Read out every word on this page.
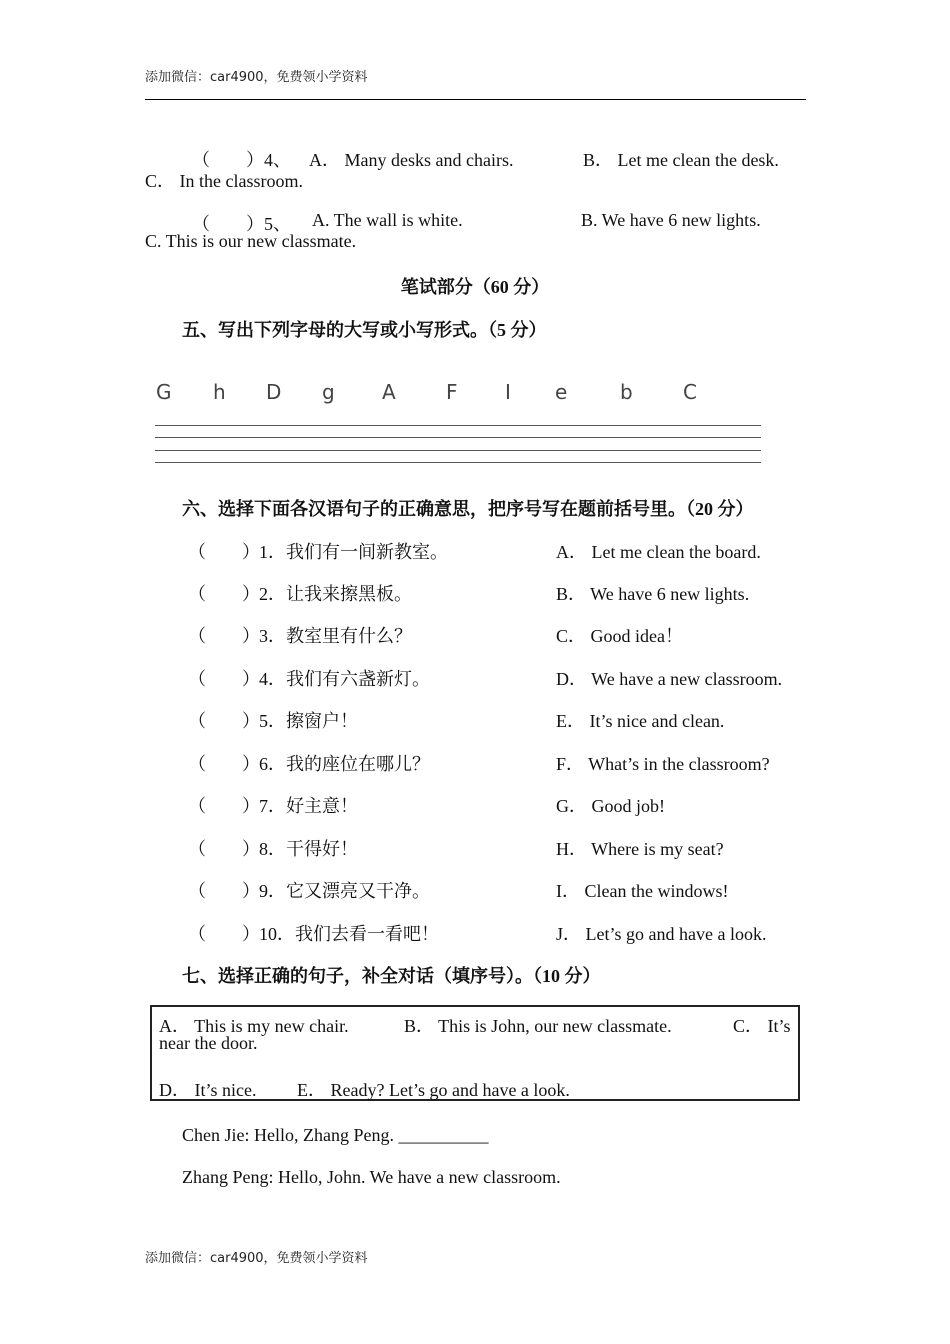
添加微信：car4900，免费领小学资料
（　　）4、 A． Many desks and chairs.	B． Let me clean the desk.
C． In the classroom.
（　　）5、 A. The wall is white.	B. We have 6 new lights.
C. This is our new classmate.
笔试部分（60 分）
五、写出下列字母的大写或小写形式。（5 分）
G h D g A	F I e	b	C
六、选择下面各汉语句子的正确意思，把序号写在题前括号里。（20 分）
（　　） 1．我们有一间新教室。	A． Let me clean the board.
（　　） 2．让我来擦黑板。	B． We have 6 new lights.
（　　） 3．教室里有什么？	C． Good idea！
（　　） 4．我们有六盏新灯。	D． We have a new classroom.
（　　） 5．擦窗户！	E． It’s nice and clean.
（　　） 6．我的座位在哪儿？	F． What’s in the classroom?
（　　） 7．好主意！	G． Good job!
（　　） 8．干得好！	H． Where is my seat?
（　　） 9．它又漂亮又干净。	I． Clean the windows!
（　　） 10．我们去看一看吧！	J． Let’s go and have a look.
七、选择正确的句子，补全对话（填序号）。（10 分）
A． This is my new chair.	B． This is John, our new classmate.	C． It’s
near the door.
D． It’s nice. E． Ready? Let’s go and have a look.
Chen Jie: Hello, Zhang Peng. __________
Zhang Peng: Hello, John. We have a new classroom.
添加微信：car4900，免费领小学资料
